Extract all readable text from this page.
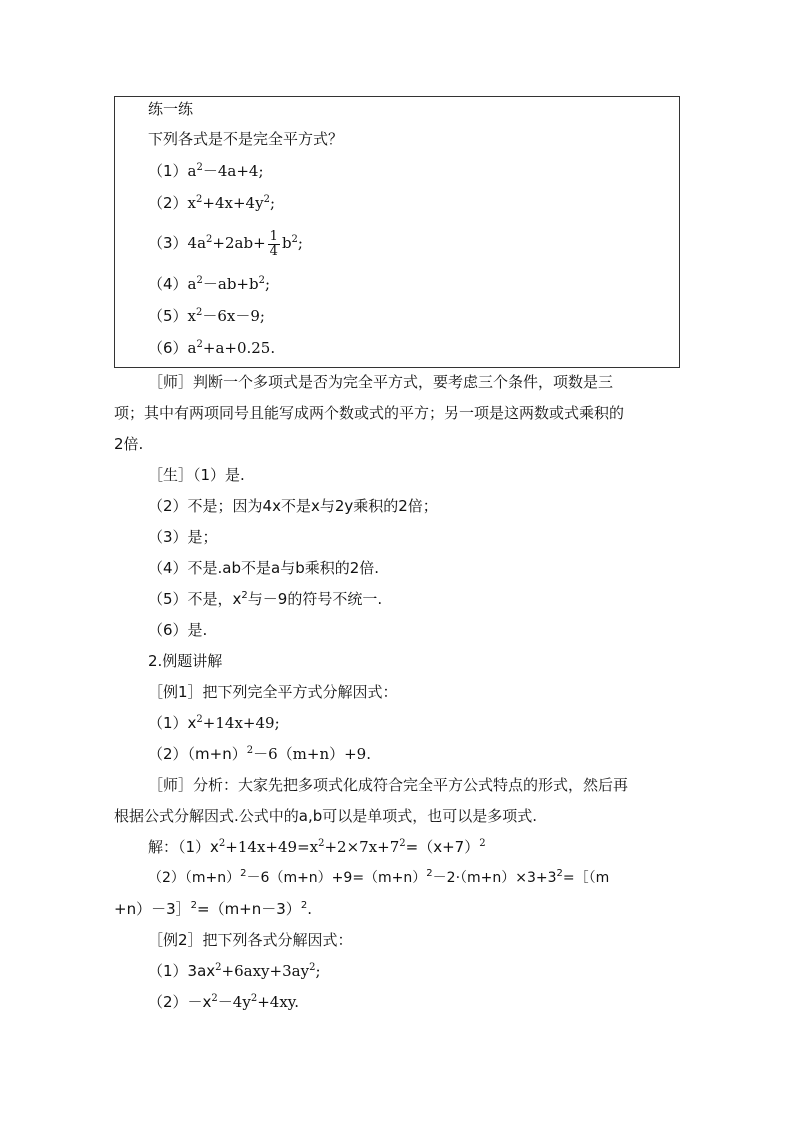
练一练
下列各式是不是完全平方式？
$(1)a^2-4a+4$;
$(2)x^2+4x+4y^2$;
$(3)4a^2+2ab+ \frac{1}{4} b^2$;
$(4)a^2-ab+b^2$;
$(5)x^2-6x-9$;
$(6)a^2+a+0.25$.
［师］判断一个多项式是否为完全平方式，要考虑三个条件，项数是三
项；其中有两项同号且能写成两个数或式的平方；另一项是这两数或式乘积的
2倍.
［生］（1）是.
（2）不是；因为4x不是x与2y乘积的2倍；
（3）是；
（4）不是.ab不是a与b乘积的2倍.
（5）不是，$x^2$与－9的符号不统一.
（6）是.
2.例题讲解
［例1］把下列完全平方式分解因式：
$(1)x^2+14x+49$;
$(2)(m+n)^2-6(m+n)+9$.
［师］分析：大家先把多项式化成符合完全平方公式特点的形式，然后再
根据公式分解因式.公式中的a,b可以是单项式，也可以是多项式.
解：$(1)x^2+14x+49=x^2+2\times 7x+7^2=(x+7)^2$
$(2)(m+n)^2-6(m+n)+9=(m+n)^2-2\cdot(m+n)\times 3+3^2=[(m$
$+n)-3]^2=(m+n-3)^2$.
［例2］把下列各式分解因式：
$(1)3ax^2+6axy+3ay^2$;
$(2)-x^2-4y^2+4xy$.
